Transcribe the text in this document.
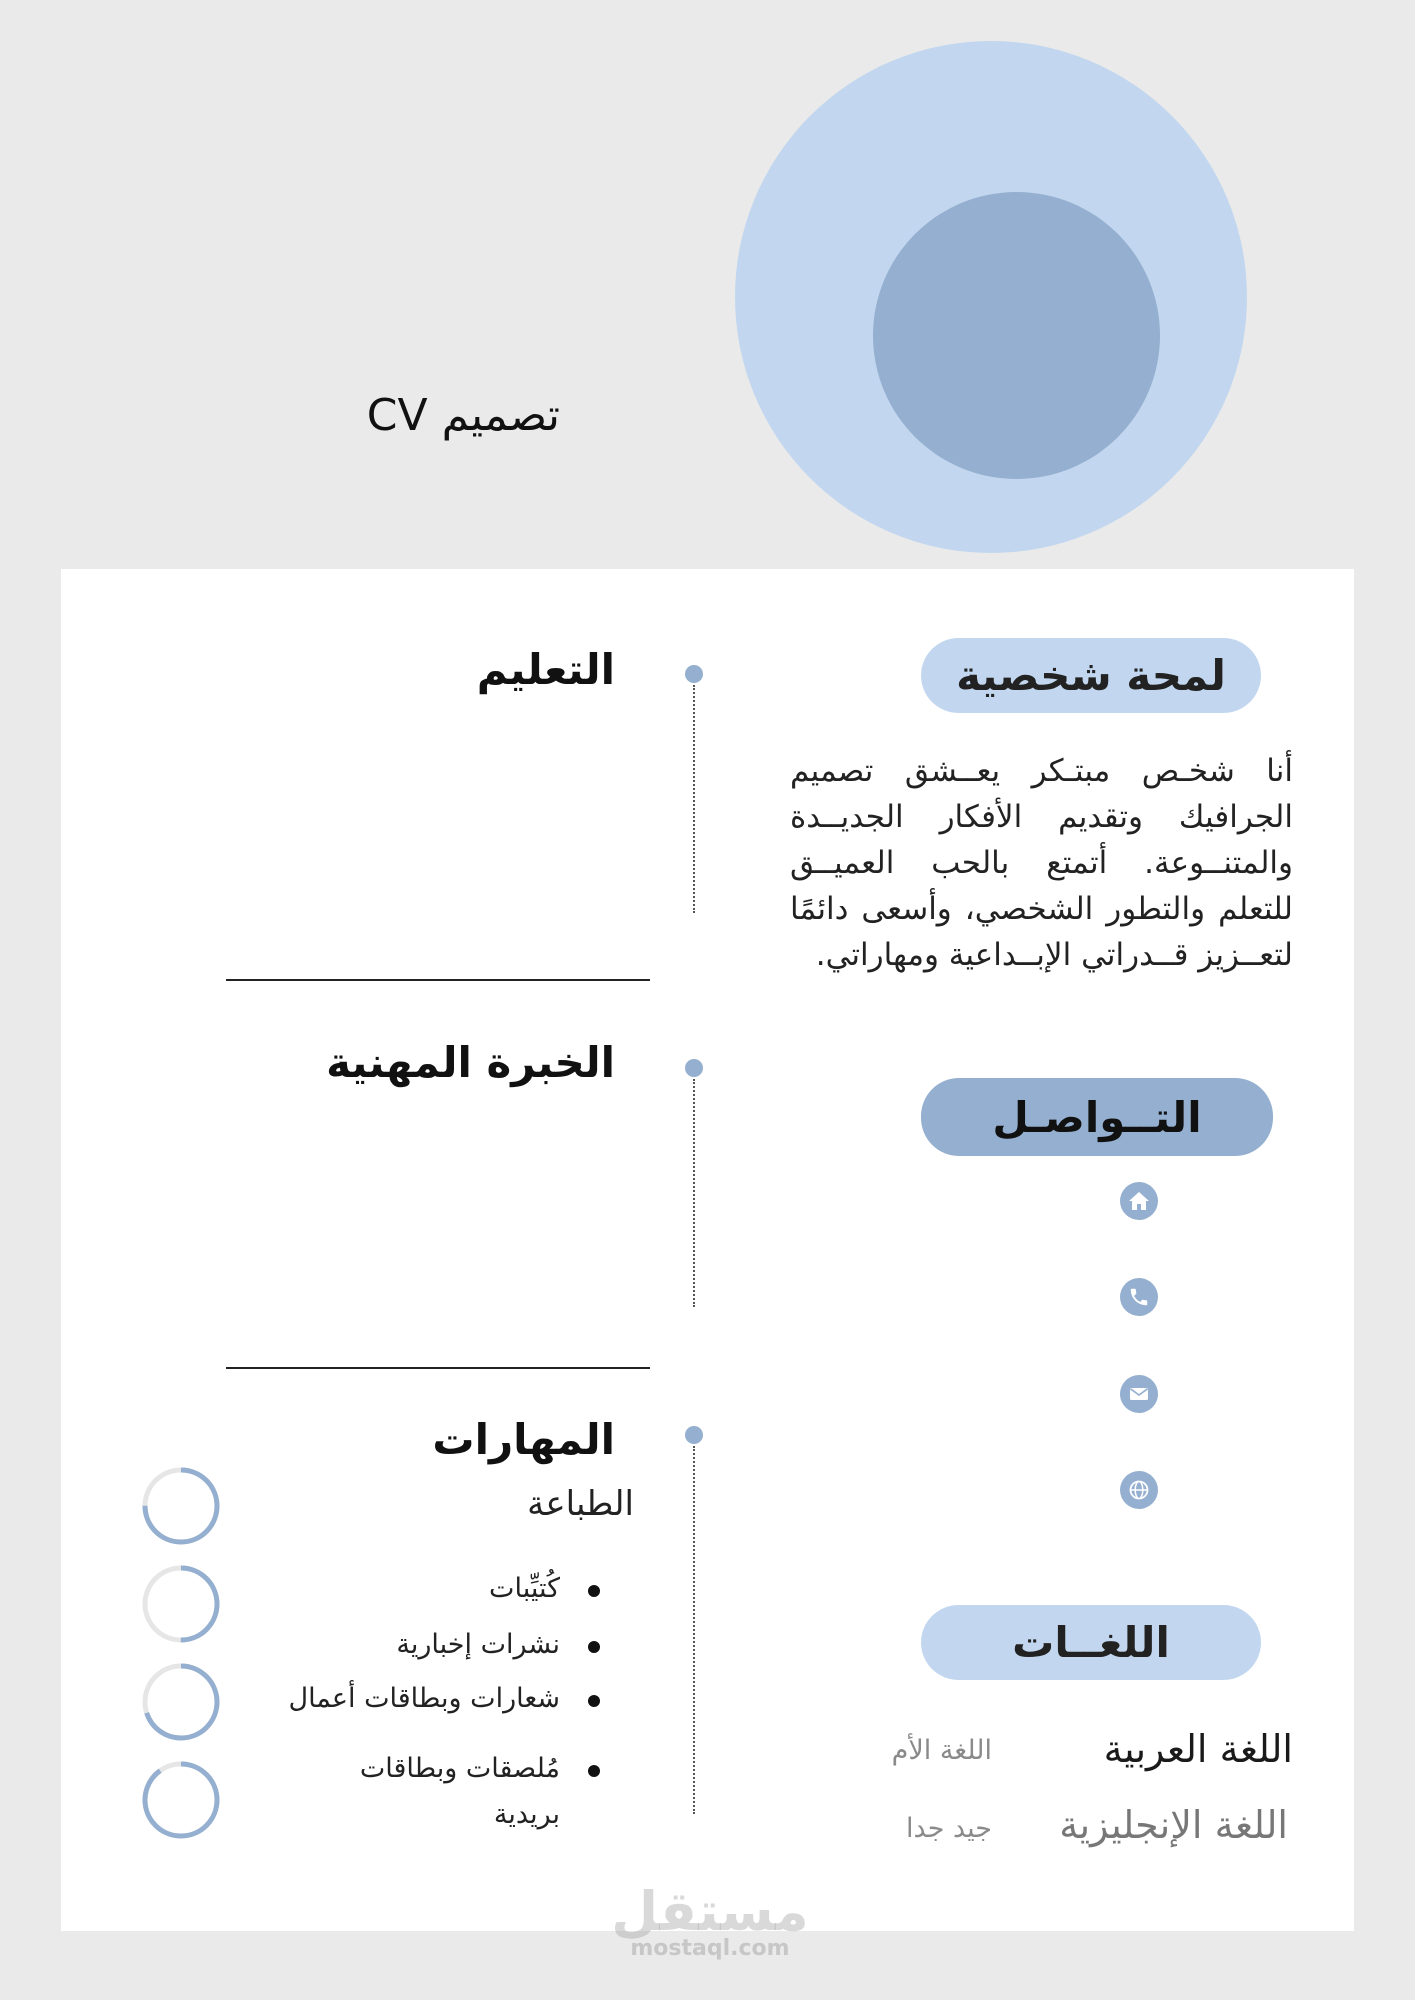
تصميم CV
لمحة شخصية
أنا شخـص مبتـكر يعــشق تصميم الجرافيك وتقديم الأفكار الجديــدة والمتنــوعة. أتمتع بالحب العميــق للتعلم والتطور الشخصي، وأسعى دائمًا لتعــزيز قــدراتي الإبــداعية ومهاراتي.
التــواصـل
اللغــات
اللغة العربية
اللغة الأم
اللغة الإنجليزية
جيد جدا
التعليم
الخبرة المهنية
المهارات
الطباعة
كُتيِّبات
نشرات إخبارية
شعارات وبطاقات أعمال
مُلصقات وبطاقات بريدية
مستقل
mostaql.com
